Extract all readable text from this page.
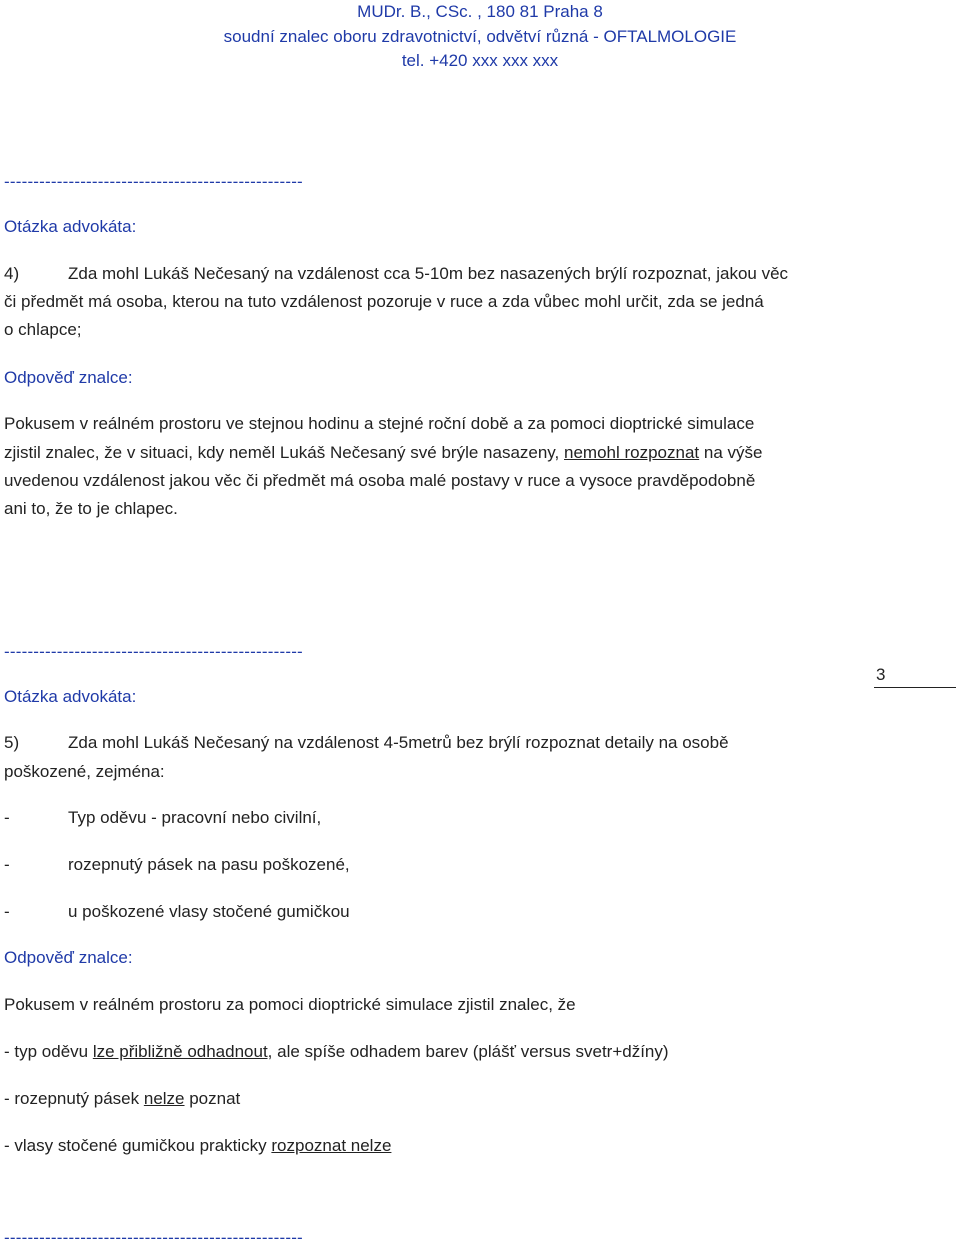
MUDr. B., CSc. , 180 81 Praha 8
soudní znalec oboru zdravotnictví, odvětví různá - OFTALMOLOGIE
tel. +420 xxx xxx xxx
---------------------------------------------------
Otázka advokáta:
4)	Zda mohl Lukáš Nečesaný na vzdálenost cca 5-10m bez nasazených brýlí rozpoznat, jakou věc
či předmět má osoba, kterou na tuto vzdálenost pozoruje v ruce a zda vůbec mohl určit, zda se jedná
o chlapce;
Odpověď znalce:
Pokusem v reálném prostoru ve stejnou hodinu a stejné roční době a za pomoci dioptrické simulace
zjistil znalec, že v situaci, kdy neměl Lukáš Nečesaný své brýle nasazeny, nemohl rozpoznat na výše
uvedenou vzdálenost jakou věc či předmět má osoba malé postavy v ruce a vysoce pravděpodobně
ani to, že to je chlapec.
---------------------------------------------------
3
Otázka advokáta:
5)	Zda mohl Lukáš Nečesaný na vzdálenost 4-5metrů bez brýlí rozpoznat detaily na osobě
poškozené, zejména:
-	Typ oděvu - pracovní nebo civilní,
-	rozepnutý pásek na pasu poškozené,
-	u poškozené vlasy stočené gumičkou
Odpověď znalce:
Pokusem v reálném prostoru za pomoci dioptrické simulace zjistil znalec, že
- typ oděvu lze přibližně odhadnout, ale spíše odhadem barev (plášť versus svetr+džíny)
- rozepnutý pásek nelze poznat
- vlasy stočené gumičkou prakticky rozpoznat nelze
---------------------------------------------------
